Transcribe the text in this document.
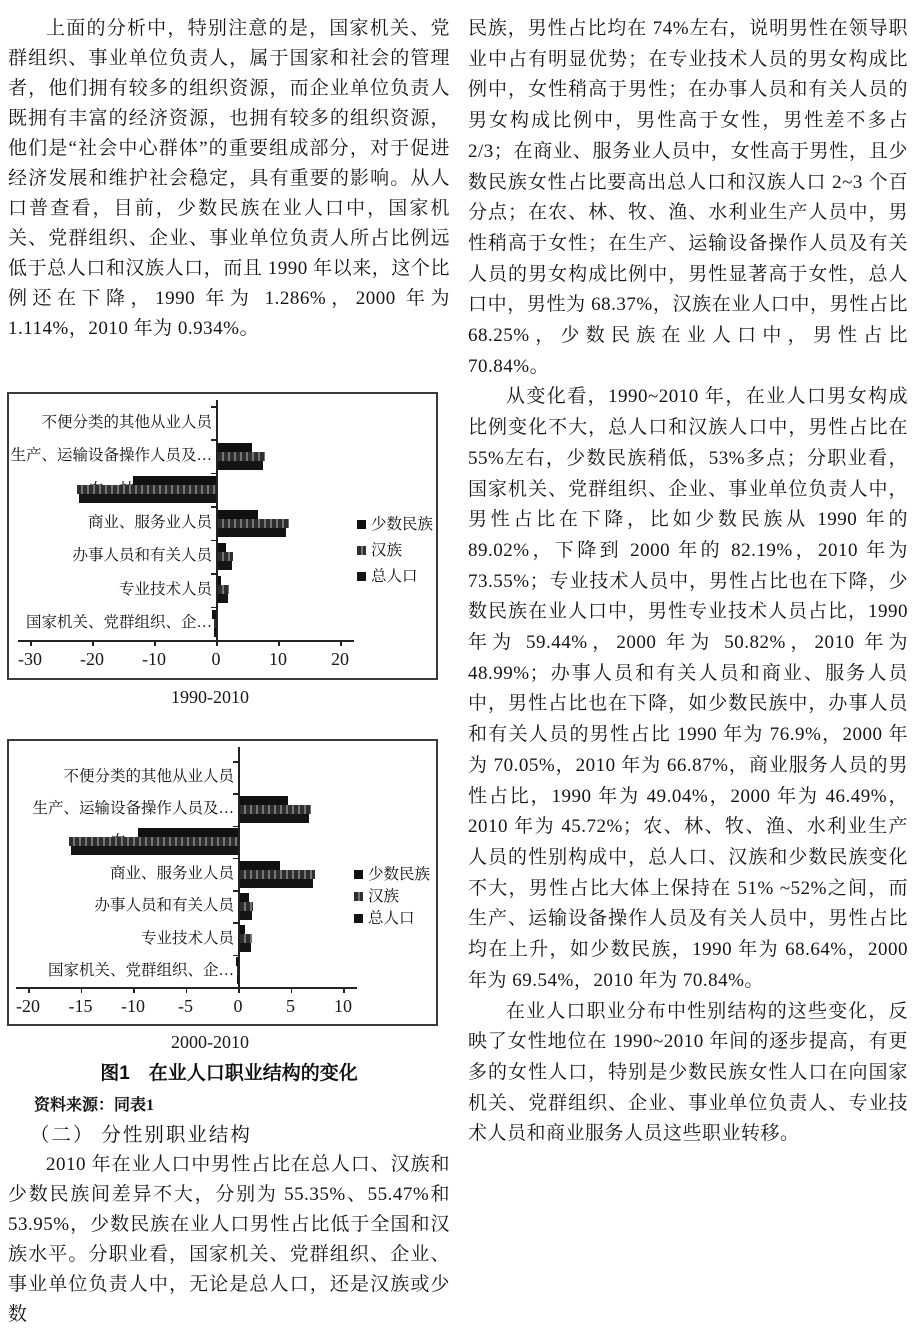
上面的分析中，特别注意的是，国家机关、党群组织、事业单位负责人，属于国家和社会的管理者，他们拥有较多的组织资源，而企业单位负责人既拥有丰富的经济资源，也拥有较多的组织资源，他们是“社会中心群体”的重要组成部分，对于促进经济发展和维护社会稳定，具有重要的影响。从人口普查看，目前，少数民族在业人口中，国家机关、党群组织、企业、事业单位负责人所占比例远低于总人口和汉族人口，而且 1990 年以来，这个比例还在下降，1990 年为 1.286%，2000 年为 1.114%，2010 年为 0.934%。
不便分类的其他从业人员
生产、运输设备操作人员及…
商业、服务业人员
办事人员和有关人员
专业技术人员
国家机关、党群组织、企…
-30	-20	-10	0	10	20
少数民族
汉族
总人口
1990-2010
不便分类的其他从业人员
生产、运输设备操作人员及…
商业、服务业人员
办事人员和有关人员
专业技术人员
国家机关、党群组织、企…
-20	-15	-10	-5	0	5	10
少数民族
汉族
总人口
2000-2010
图1　在业人口职业结构的变化
资料来源：同表1
（二） 分性别职业结构
2010 年在业人口中男性占比在总人口、汉族和少数民族间差异不大，分别为 55.35%、55.47%和 53.95%，少数民族在业人口男性占比低于全国和汉族水平。分职业看，国家机关、党群组织、企业、事业单位负责人中，无论是总人口，还是汉族或少数

民族，男性占比均在 74%左右，说明男性在领导职业中占有明显优势；在专业技术人员的男女构成比例中，女性稍高于男性；在办事人员和有关人员的男女构成比例中，男性高于女性，男性差不多占 2/3；在商业、服务业人员中，女性高于男性，且少数民族女性占比要高出总人口和汉族人口 2~3 个百分点；在农、林、牧、渔、水利业生产人员中，男性稍高于女性；在生产、运输设备操作人员及有关人员的男女构成比例中，男性显著高于女性，总人口中，男性为 68.37%，汉族在业人口中，男性占比 68.25%，少数民族在业人口中，男性占比 70.84%。

从变化看，1990~2010 年，在业人口男女构成比例变化不大，总人口和汉族人口中，男性占比在 55%左右，少数民族稍低，53%多点；分职业看，国家机关、党群组织、企业、事业单位负责人中，男性占比在下降，比如少数民族从 1990 年的 89.02%，下降到 2000 年的 82.19%，2010 年为 73.55%；专业技术人员中，男性占比也在下降，少数民族在业人口中，男性专业技术人员占比，1990 年为 59.44%，2000 年为 50.82%，2010 年为 48.99%；办事人员和有关人员和商业、服务人员中，男性占比也在下降，如少数民族中，办事人员和有关人员的男性占比 1990 年为 76.9%，2000 年为 70.05%，2010 年为 66.87%，商业服务人员的男性占比，1990 年为 49.04%，2000 年为 46.49%，2010 年为 45.72%；农、林、牧、渔、水利业生产人员的性别构成中，总人口、汉族和少数民族变化不大，男性占比大体上保持在 51% ~52%之间，而生产、运输设备操作人员及有关人员中，男性占比均在上升，如少数民族，1990 年为 68.64%，2000 年为 69.54%，2010 年为 70.84%。

在业人口职业分布中性别结构的这些变化，反映了女性地位在 1990~2010 年间的逐步提高，有更多的女性人口，特别是少数民族女性人口在向国家机关、党群组织、企业、事业单位负责人、专业技术人员和商业服务人员这些职业转移。
